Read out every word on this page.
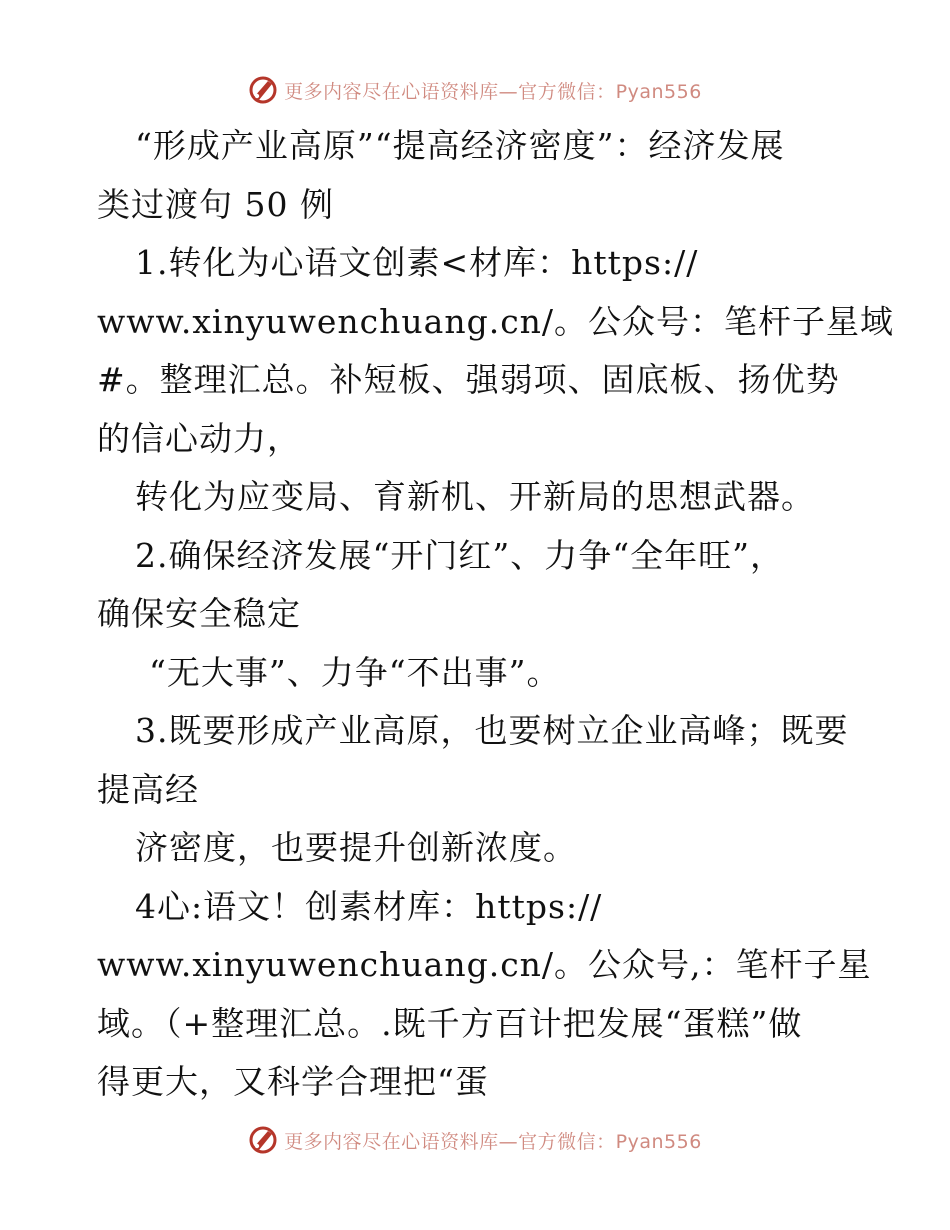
更多内容尽在心语资料库—官方微信：Pyan556
“形成产业高原”“提高经济密度”：经济发展
类过渡句 50 例
1.转化为心语文创素<材库：https://
www.xinyuwenchuang.cn/。公众号：笔杆子星域
#。整理汇总。补短板、强弱项、固底板、扬优势
的信心动力，
转化为应变局、育新机、开新局的思想武器。
2.确保经济发展“开门红”、力争“全年旺”，
确保安全稳定
“无大事”、力争“不出事”。
3.既要形成产业高原，也要树立企业高峰；既要
提高经
济密度，也要提升创新浓度。
4心:语文！创素材库：https://
www.xinyuwenchuang.cn/。公众号,：笔杆子星
域。（+整理汇总。.既千方百计把发展“蛋糕”做
得更大，又科学合理把“蛋
更多内容尽在心语资料库—官方微信：Pyan556
